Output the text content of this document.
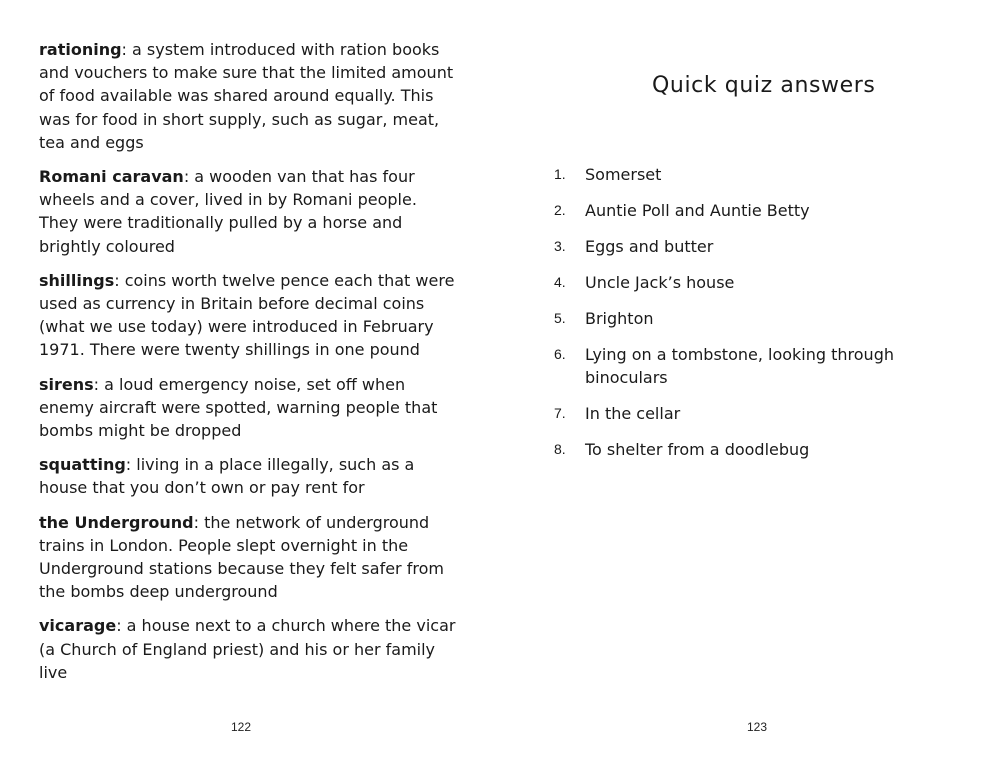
rationing: a system introduced with ration books and vouchers to make sure that the limited amount of food available was shared around equally. This was for food in short supply, such as sugar, meat, tea and eggs

Romani caravan: a wooden van that has four wheels and a cover, lived in by Romani people. They were traditionally pulled by a horse and brightly coloured

shillings: coins worth twelve pence each that were used as currency in Britain before decimal coins (what we use today) were introduced in February 1971. There were twenty shillings in one pound

sirens: a loud emergency noise, set off when enemy aircraft were spotted, warning people that bombs might be dropped

squatting: living in a place illegally, such as a house that you don’t own or pay rent for

the Underground: the network of underground trains in London. People slept overnight in the Underground stations because they felt safer from the bombs deep underground

vicarage: a house next to a church where the vicar (a Church of England priest) and his or her family live

122
Quick quiz answers
1. Somerset
2. Auntie Poll and Auntie Betty
3. Eggs and butter
4. Uncle Jack’s house
5. Brighton
6. Lying on a tombstone, looking through binoculars
7. In the cellar
8. To shelter from a doodlebug
123
